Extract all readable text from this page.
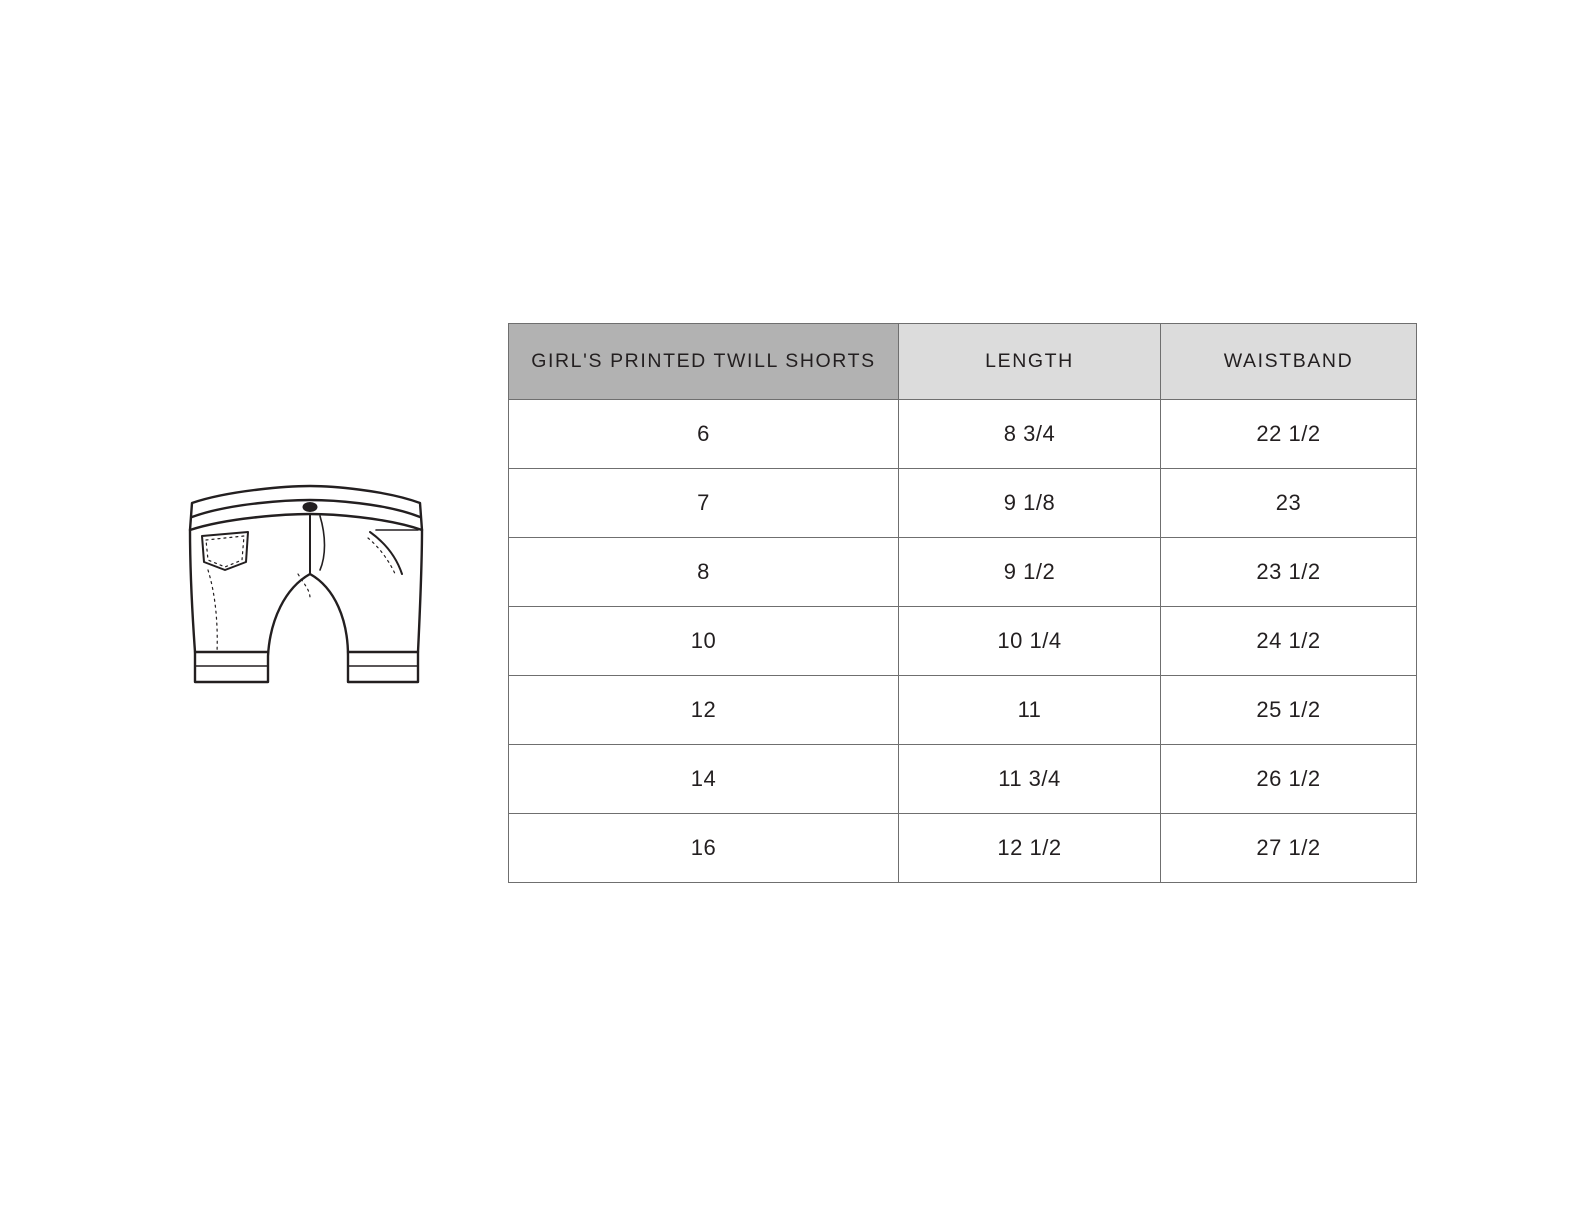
GIRL'S PRINTED TWILL SHORTS	LENGTH	WAISTBAND
6	8 3/4	22 1/2
7	9 1/8	23
8	9 1/2	23 1/2
10	10 1/4	24 1/2
12	11	25 1/2
14	11 3/4	26 1/2
16	12 1/2	27 1/2
